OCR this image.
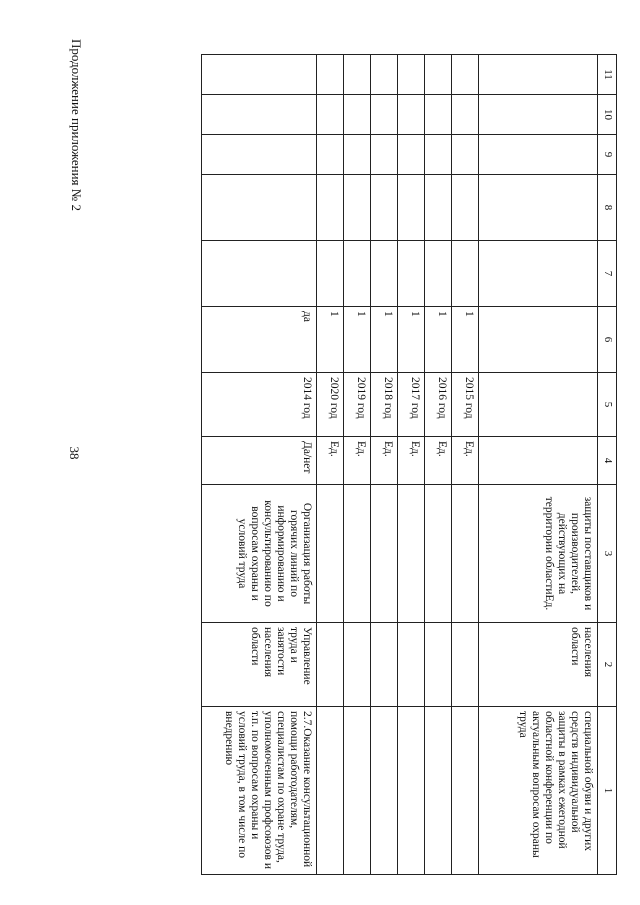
38
Продолжение приложения № 2	11	10	9	8	7	6	5	4	3	2	1
								защиты поставщиков и производителей, действующих на территории областиЕд.	населения области	специальной обуви и других средств индивидуальной защиты в рамках ежегодной областной конференции по актуальным вопросам охраны труда
					1	2015 год	Ед.			
					1	2016 год	Ед.			
					1	2017 год	Ед.			
					1	2018 год	Ед.			
					1	2019 год	Ед.			
					1	2020 год	Ед.			
					да	2014 год	Да/нет	Организация работы горячих линий по информированию и консультированию по вопросам охраны и условий труда	Управление труда и занятости населения области	2.7.Оказание консультационной помощи работодателям, специалистам по охране труда, уполномоченным профсоюзов и т.п. по вопросам охраны и условий труда, в том числе по внедрению
